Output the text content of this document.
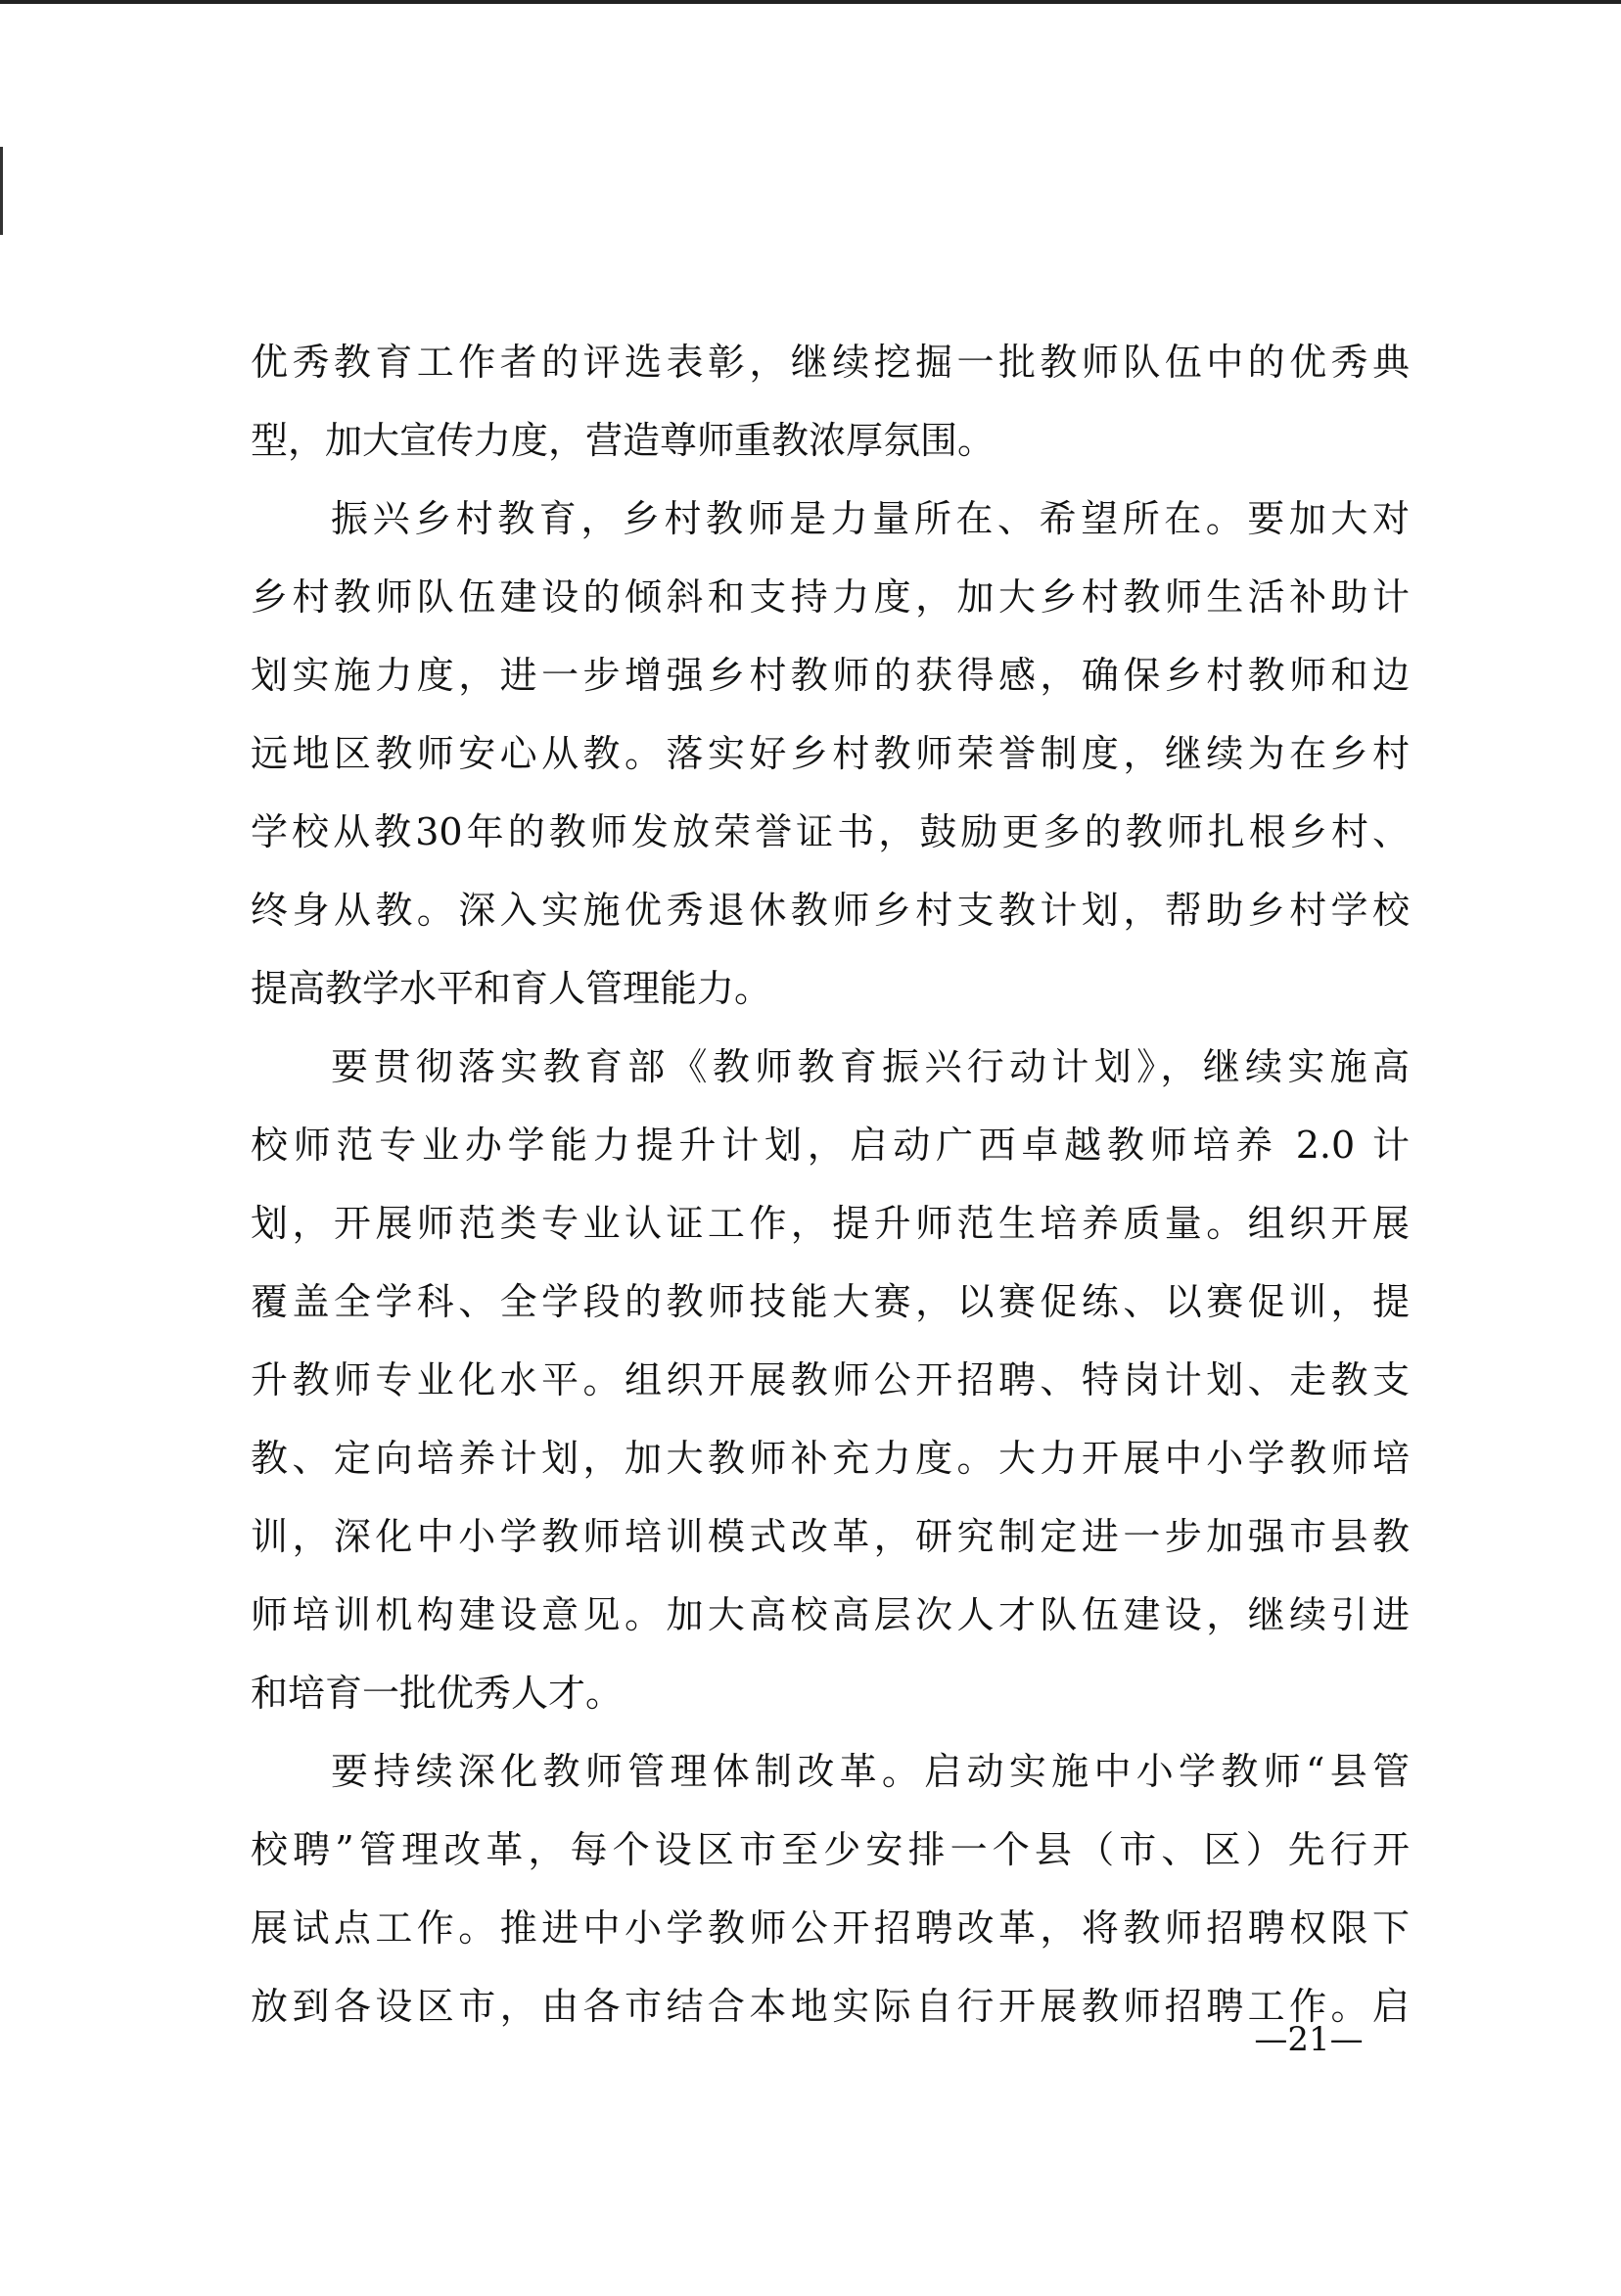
优秀教育工作者的评选表彰，继续挖掘一批教师队伍中的优秀典
型，加大宣传力度，营造尊师重教浓厚氛围。
振兴乡村教育，乡村教师是力量所在、希望所在。要加大对
乡村教师队伍建设的倾斜和支持力度，加大乡村教师生活补助计
划实施力度，进一步增强乡村教师的获得感，确保乡村教师和边
远地区教师安心从教。落实好乡村教师荣誉制度，继续为在乡村
学校从教30年的教师发放荣誉证书，鼓励更多的教师扎根乡村、
终身从教。深入实施优秀退休教师乡村支教计划，帮助乡村学校
提高教学水平和育人管理能力。
要贯彻落实教育部《教师教育振兴行动计划》，继续实施高
校师范专业办学能力提升计划，启动广西卓越教师培养 2.0 计
划，开展师范类专业认证工作，提升师范生培养质量。组织开展
覆盖全学科、全学段的教师技能大赛，以赛促练、以赛促训，提
升教师专业化水平。组织开展教师公开招聘、特岗计划、走教支
教、定向培养计划，加大教师补充力度。大力开展中小学教师培
训，深化中小学教师培训模式改革，研究制定进一步加强市县教
师培训机构建设意见。加大高校高层次人才队伍建设，继续引进
和培育一批优秀人才。
要持续深化教师管理体制改革。启动实施中小学教师“县管
校聘”管理改革，每个设区市至少安排一个县（市、区）先行开
展试点工作。推进中小学教师公开招聘改革，将教师招聘权限下
放到各设区市，由各市结合本地实际自行开展教师招聘工作。启
—21—
